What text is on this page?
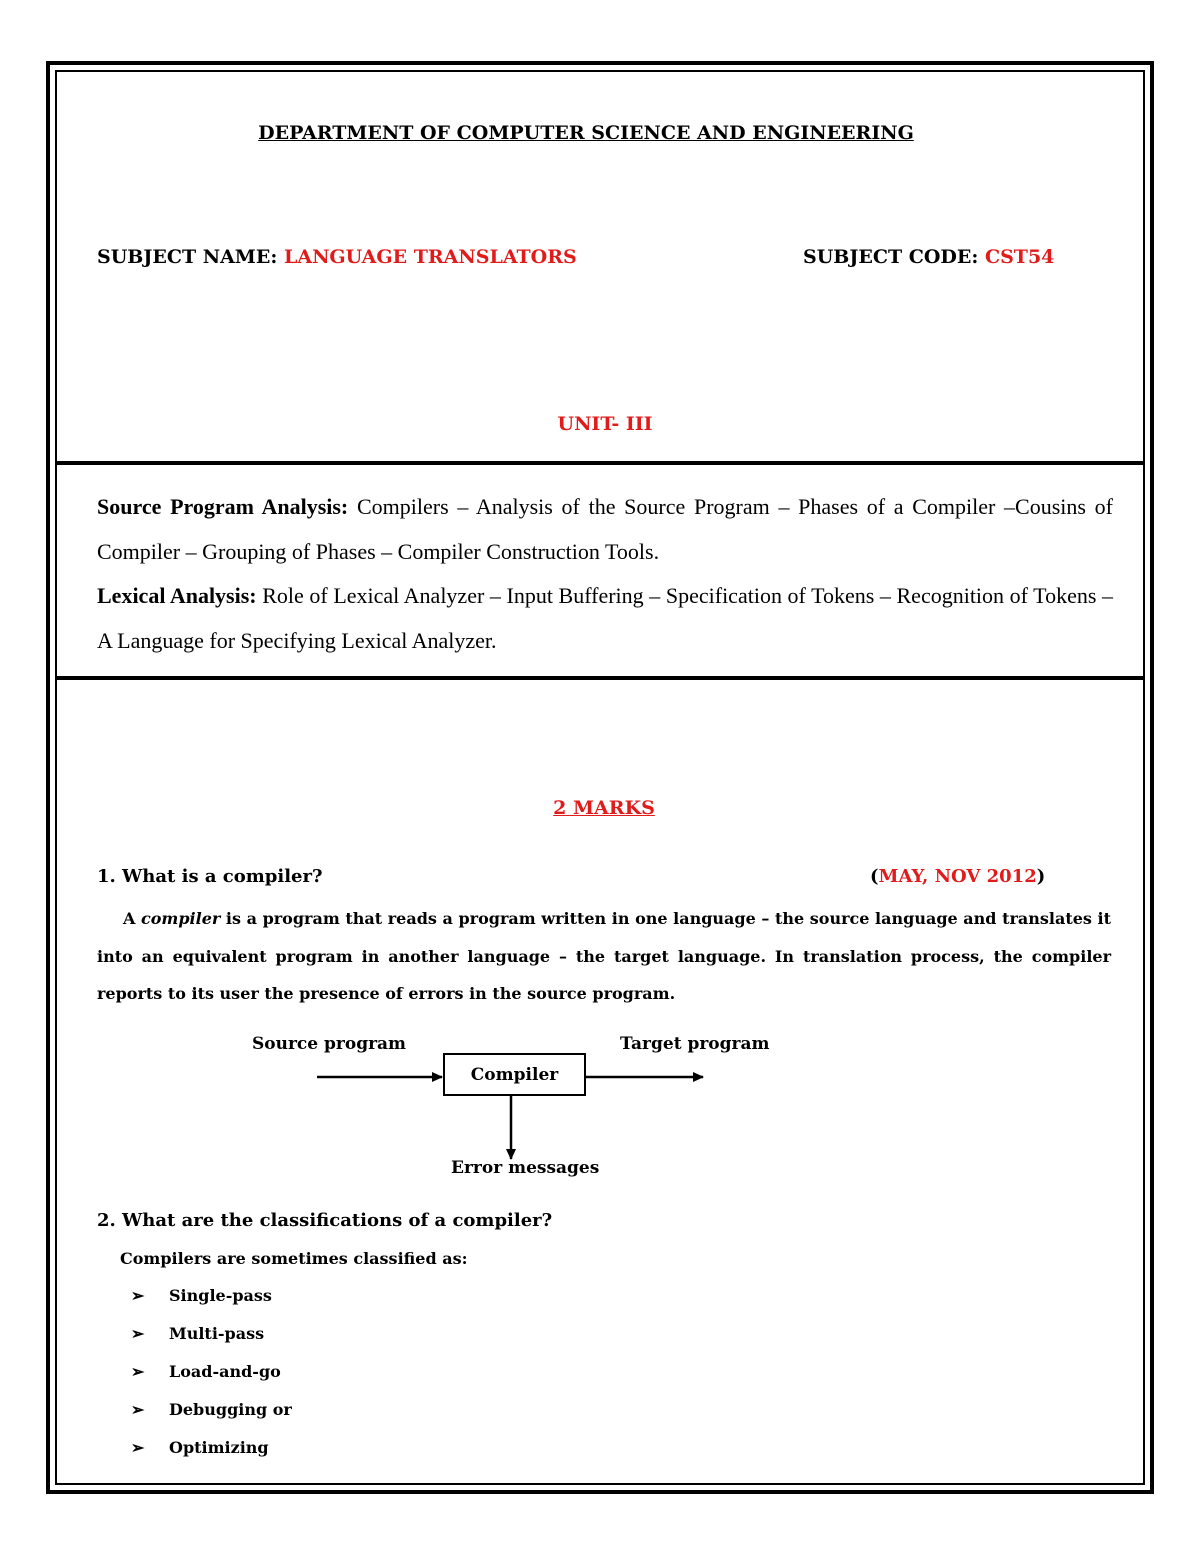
DEPARTMENT OF COMPUTER SCIENCE AND ENGINEERING
SUBJECT NAME: LANGUAGE TRANSLATORS	SUBJECT CODE: CST54
UNIT- III

Source Program Analysis: Compilers – Analysis of the Source Program – Phases of a Compiler –Cousins of Compiler – Grouping of Phases – Compiler Construction Tools.

Lexical Analysis: Role of Lexical Analyzer – Input Buffering – Specification of Tokens – Recognition of Tokens –A Language for Specifying Lexical Analyzer.

2 MARKS
1. What is a compiler?	(MAY, NOV 2012)

A compiler is a program that reads a program written in one language – the source language and translates it into an equivalent program in another language – the target language. In translation process, the compiler reports to its user the presence of errors in the source program.

Source program	Target program
Compiler
Error messages
2. What are the classifications of a compiler?
Compilers are sometimes classified as:
➢	Single-pass
➢	Multi-pass
➢	Load-and-go
➢	Debugging or
➢	Optimizing
